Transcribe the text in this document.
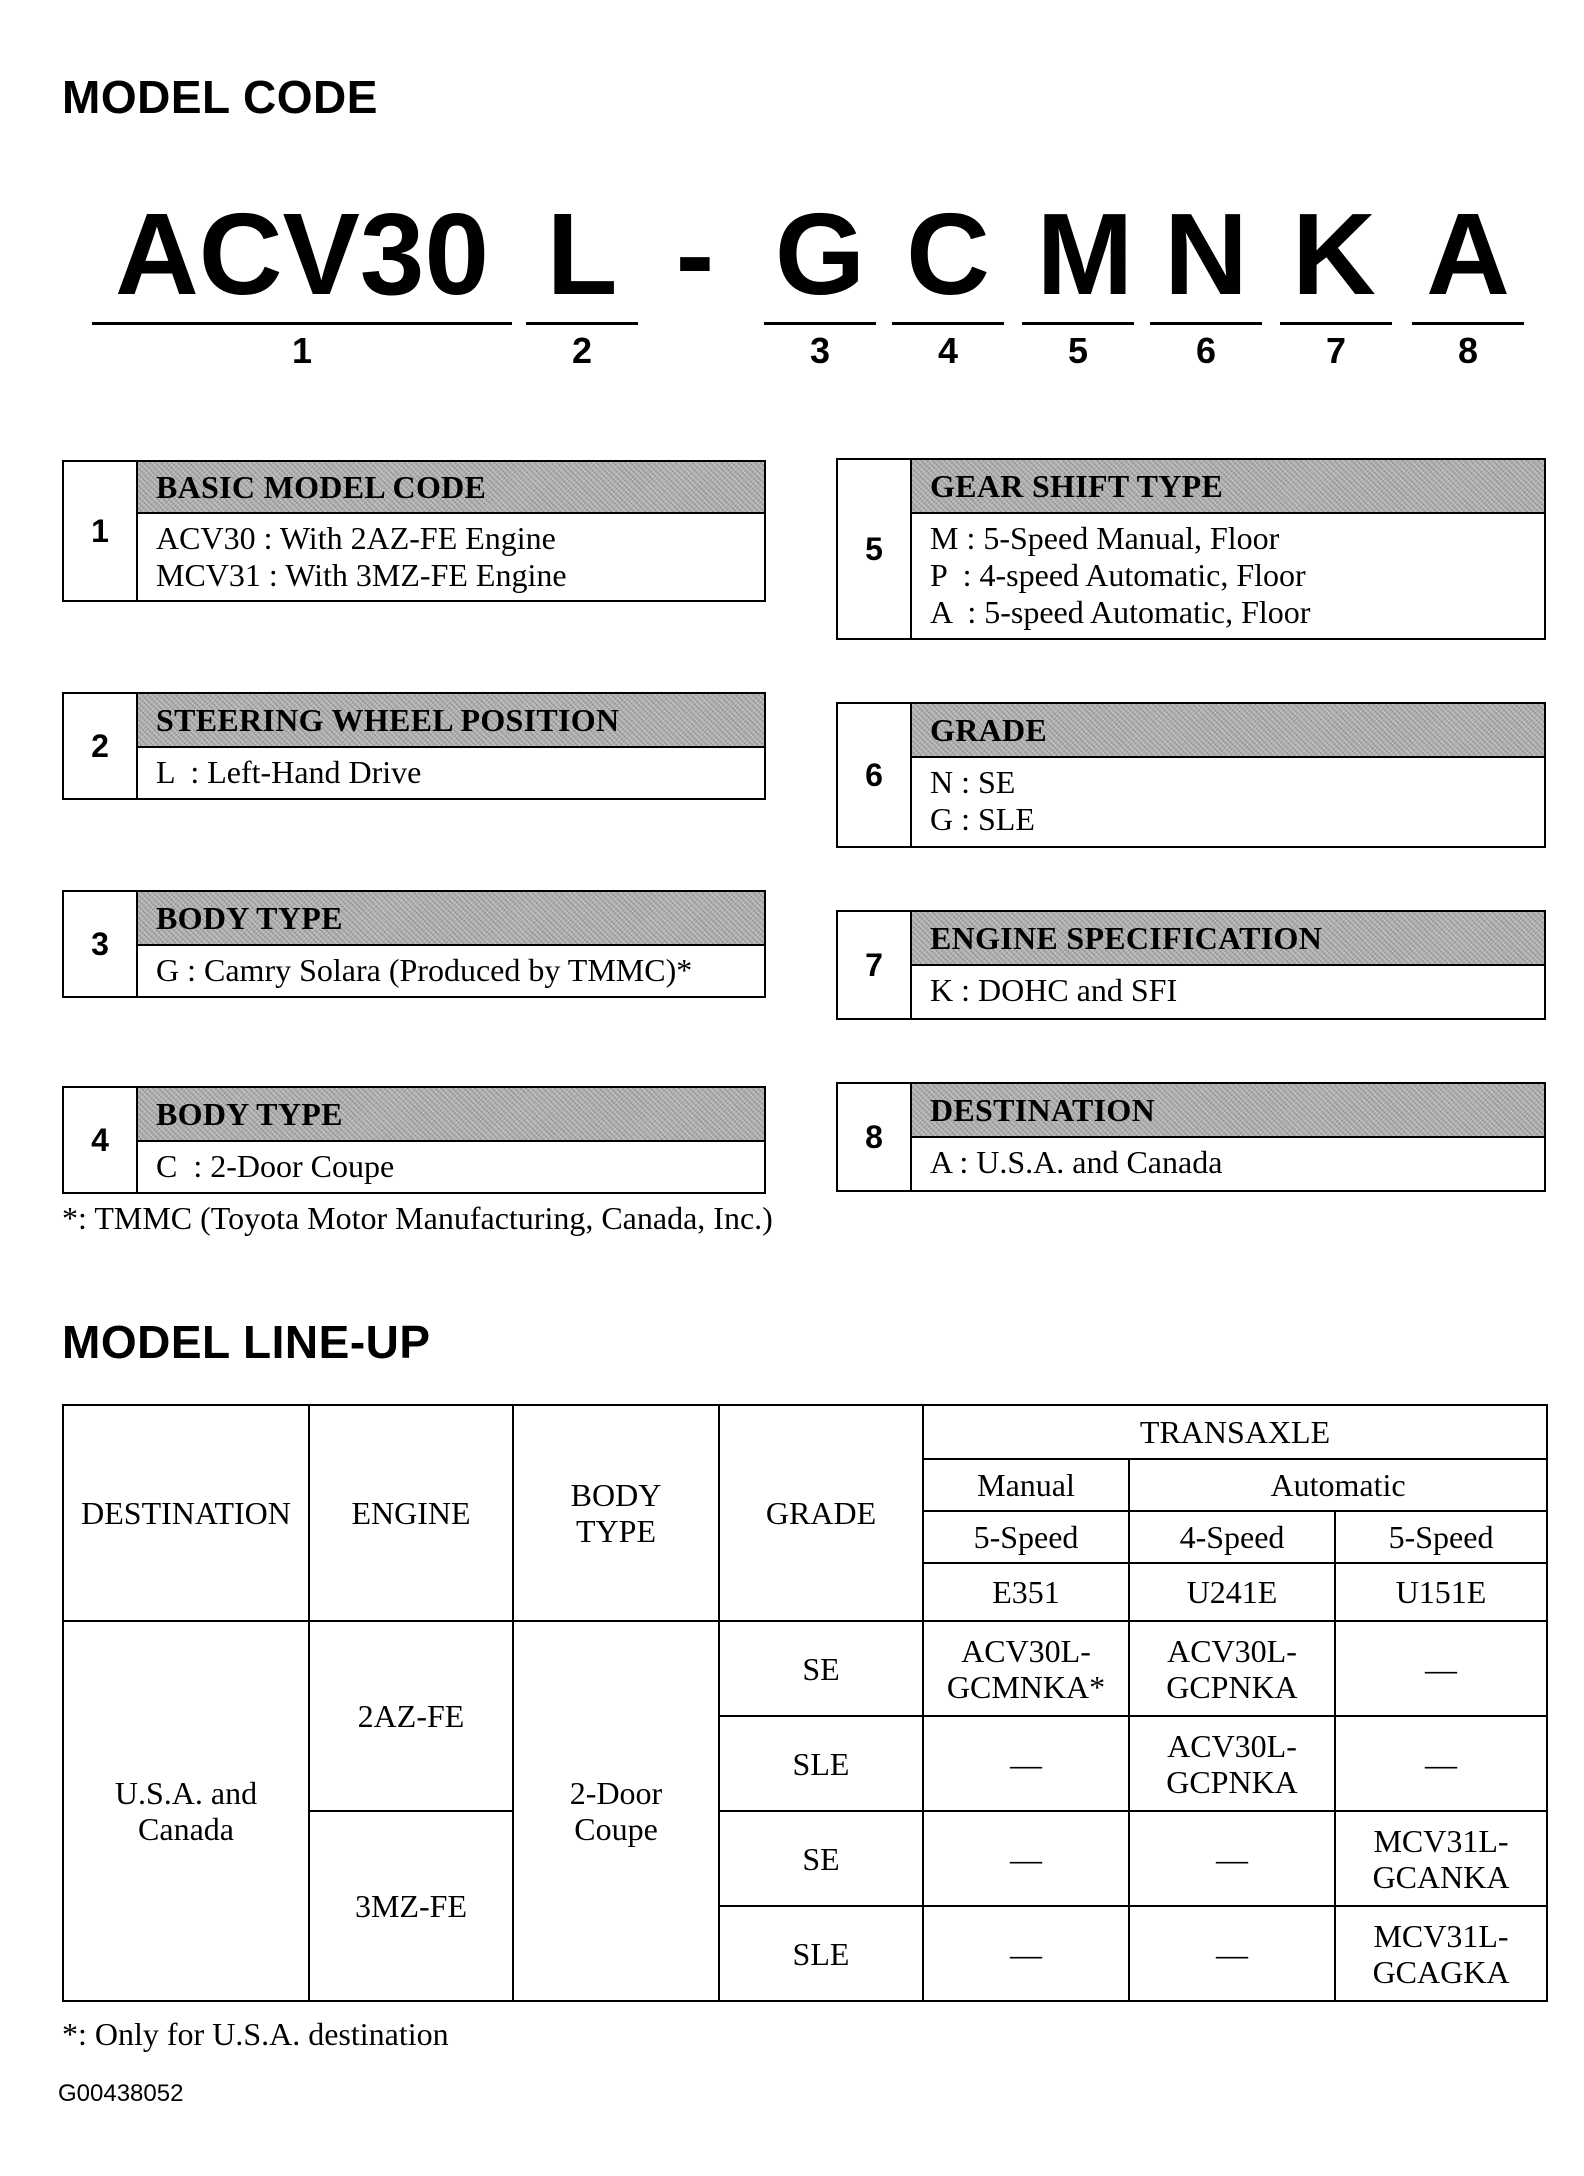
MODEL CODE
ACV30 L - G C M N K A
1	2	3	4	5	6	7	8
1
BASIC MODEL CODE
ACV30 : With 2AZ-FE Engine
MCV31 : With 3MZ-FE Engine
2
STEERING WHEEL POSITION
L  : Left-Hand Drive
3
BODY TYPE
G : Camry Solara (Produced by TMMC)*
4
BODY TYPE
C  : 2-Door Coupe
5
GEAR SHIFT TYPE
M : 5-Speed Manual, Floor
P  : 4-speed Automatic, Floor
A  : 5-speed Automatic, Floor
6
GRADE
N : SE
G : SLE
7
ENGINE SPECIFICATION
K : DOHC and SFI
8
DESTINATION
A : U.S.A. and Canada
*: TMMC (Toyota Motor Manufacturing, Canada, Inc.)
MODEL LINE-UP
DESTINATION	ENGINE	BODY TYPE	GRADE	TRANSAXLE		
				Manual	Automatic	
				5-Speed	4-Speed	5-Speed
				E351	U241E	U151E
U.S.A. and Canada	2AZ-FE	2-Door Coupe	SE	ACV30L- GCMNKA*	ACV30L- GCPNKA	—
			SLE	—	ACV30L- GCPNKA	—
	3MZ-FE		SE	—	—	MCV31L- GCANKA
			SLE	—	—	MCV31L- GCAGKA
*: Only for U.S.A. destination
G00438052
